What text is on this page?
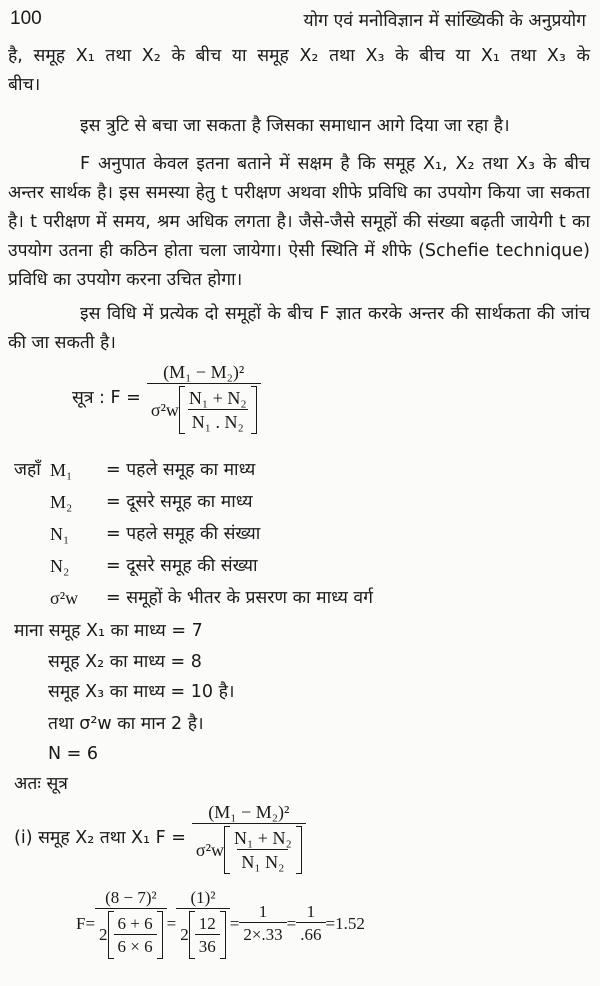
100	योग एवं मनोविज्ञान में सांख्यिकी के अनुप्रयोग
है, समूह X₁ तथा X₂ के बीच या समूह X₂ तथा X₃ के बीच या X₁ तथा X₃ के
बीच।
इस त्रुटि से बचा जा सकता है जिसका समाधान आगे दिया जा रहा है।
F अनुपात केवल इतना बताने में सक्षम है कि समूह X₁, X₂ तथा X₃ के बीच अन्तर सार्थक है। इस समस्या हेतु t परीक्षण अथवा शीफे प्रविधि का उपयोग किया जा सकता है। t परीक्षण में समय, श्रम अधिक लगता है। जैसे-जैसे समूहों की संख्या बढ़ती जायेगी t का उपयोग उतना ही कठिन होता चला जायेगा। ऐसी स्थिति में शीफे (Schefie technique) प्रविधि का उपयोग करना उचित होगा।
इस विधि में प्रत्येक दो समूहों के बीच F ज्ञात करके अन्तर की सार्थकता की जांच की जा सकती है।
सूत्र : F =
(M₁ − M₂)²
$\sigma^2w \frac{\text{N₁ + N₂}}{\text{N₁ . N₂}}$
जहाँ M₁	= पहले समूह का माध्य
M₂	= दूसरे समूह का माध्य
N₁	= पहले समूह की संख्या
N₂	= दूसरे समूह की संख्या
σ²w	= समूहों के भीतर के प्रसरण का माध्य वर्ग
माना समूह X₁ का माध्य = 7
समूह X₂ का माध्य = 8
समूह X₃ का माध्य = 10 है।
तथा σ²w का मान 2 है।
N = 6
अतः सूत्र
(i) समूह X₂ तथा X₁ F =
(M₁ − M₂)²
$\sigma^2w \frac{\text{N₁ + N₂}}{\text{N₁ N₂}}$
F=
(8 − 7)²
$2 \frac{6 + 6}{6 \times 6}$ =
(1)²
$2 \frac{12}{36} = \frac{1}{2\times.33} = \frac{1}{.66} =1.52$
